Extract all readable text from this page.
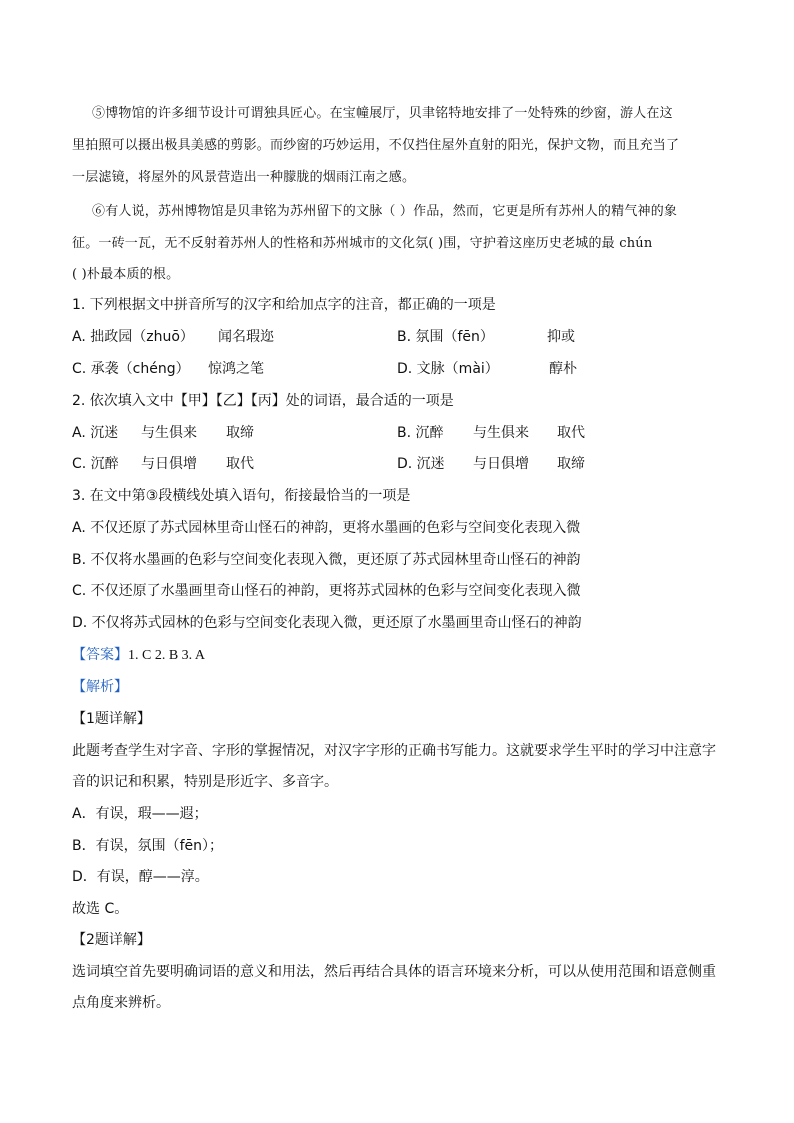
⑤博物馆的许多细节设计可谓独具匠心。在宝幢展厅，贝聿铭特地安排了一处特殊的纱窗，游人在这
里拍照可以摄出极具美感的剪影。而纱窗的巧妙运用，不仅挡住屋外直射的阳光，保护文物，而且充当了
一层滤镜，将屋外的风景营造出一种朦胧的烟雨江南之感。
⑥有人说，苏州博物馆是贝聿铭为苏州留下的文脉（ ）作品，然而，它更是所有苏州人的精气神的象
征。一砖一瓦，无不反射着苏州人的性格和苏州城市的文化氛( )围，守护着这座历史老城的最 chún
( )朴最本质的根。
1. 下列根据文中拼音所写的汉字和给加点字的注音，都正确的一项是
A. 拙政园（zhuō） 闻名瑕迩	B. 氛围（fēn）	抑或
C. 承袭（chéng） 惊鸿之笔	D. 文脉（mài）	醇朴
2. 依次填入文中【甲】【乙】【丙】处的词语，最合适的一项是
A. 沉迷 与生俱来 取缔	B. 沉醉 与生俱来 取代
C. 沉醉 与日俱增 取代	D. 沉迷 与日俱增 取缔
3. 在文中第③段横线处填入语句，衔接最恰当的一项是
A. 不仅还原了苏式园林里奇山怪石的神韵，更将水墨画的色彩与空间变化表现入微
B. 不仅将水墨画的色彩与空间变化表现入微，更还原了苏式园林里奇山怪石的神韵
C. 不仅还原了水墨画里奇山怪石的神韵，更将苏式园林的色彩与空间变化表现入微
D. 不仅将苏式园林的色彩与空间变化表现入微，更还原了水墨画里奇山怪石的神韵
【答案】1. C 2. B 3. A
【解析】
【1题详解】
此题考查学生对字音、字形的掌握情况，对汉字字形的正确书写能力。这就要求学生平时的学习中注意字
音的识记和积累，特别是形近字、多音字。
A．有误，瑕——遐；
B．有误，氛围（fēn）；
D．有误，醇——淳。
故选 C。
【2题详解】
选词填空首先要明确词语的意义和用法，然后再结合具体的语言环境来分析，可以从使用范围和语意侧重
点角度来辨析。
